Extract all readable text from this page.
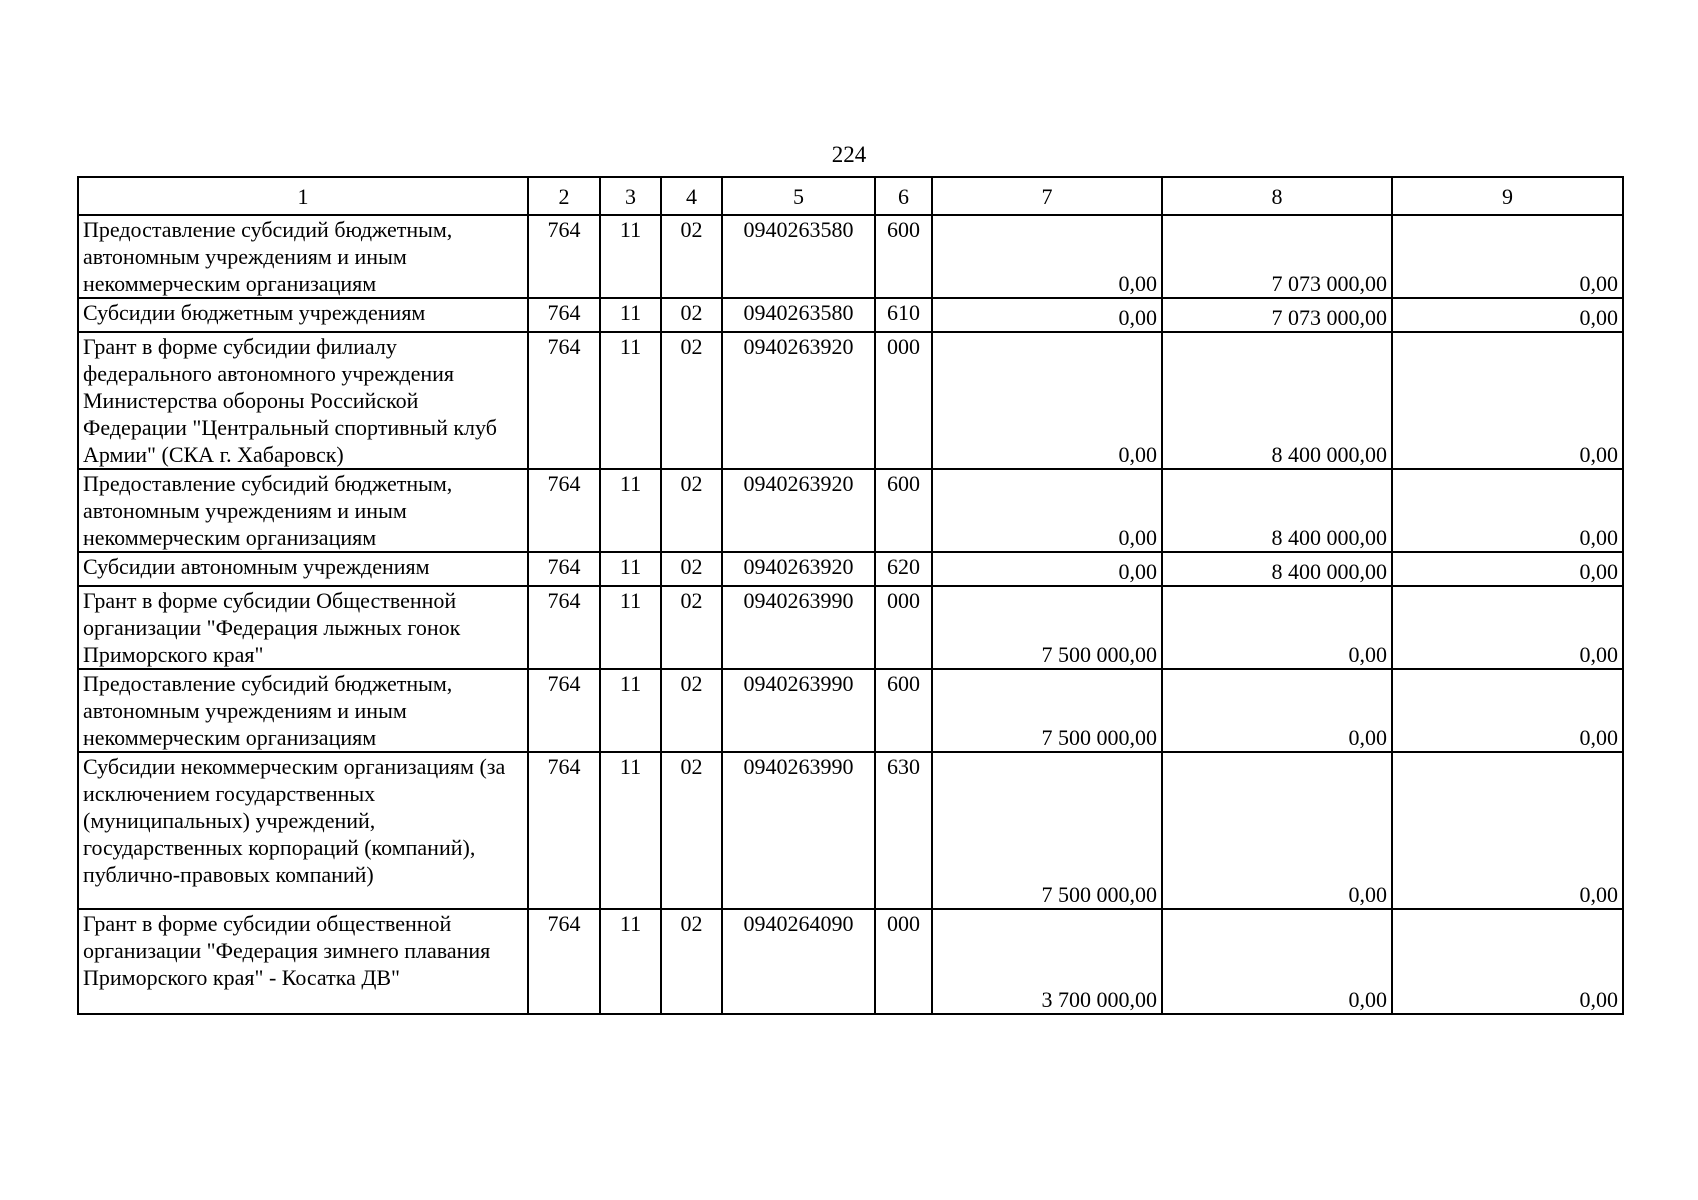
224
1	2	3	4	5	6	7	8	9
Предоставление субсидий бюджетным, автономным учреждениям и иным некоммерческим организациям	764	11	02	0940263580	600	0,00	7 073 000,00	0,00

Субсидии бюджетным учреждениям	764	11	02	0940263580	610	0,00	7 073 000,00	0,00

Грант в форме субсидии филиалу федерального автономного учреждения Министерства обороны Российской Федерации "Центральный спортивный клуб Армии" (СКА г. Хабаровск)	764	11	02	0940263920	000	0,00	8 400 000,00	0,00

Предоставление субсидий бюджетным, автономным учреждениям и иным некоммерческим организациям	764	11	02	0940263920	600	0,00	8 400 000,00	0,00

Субсидии автономным учреждениям	764	11	02	0940263920	620	0,00	8 400 000,00	0,00

Грант в форме субсидии Общественной организации "Федерация лыжных гонок Приморского края"	764	11	02	0940263990	000	7 500 000,00	0,00	0,00

Предоставление субсидий бюджетным, автономным учреждениям и иным некоммерческим организациям	764	11	02	0940263990	600	7 500 000,00	0,00	0,00

Субсидии некоммерческим организациям (за исключением государственных (муниципальных) учреждений, государственных корпораций (компаний), публично-правовых компаний)	764	11	02	0940263990	630	7 500 000,00	0,00	0,00

Грант в форме субсидии общественной организации "Федерация зимнего плавания Приморского края" - Косатка ДВ"	764	11	02	0940264090	000	3 700 000,00	0,00	0,00
